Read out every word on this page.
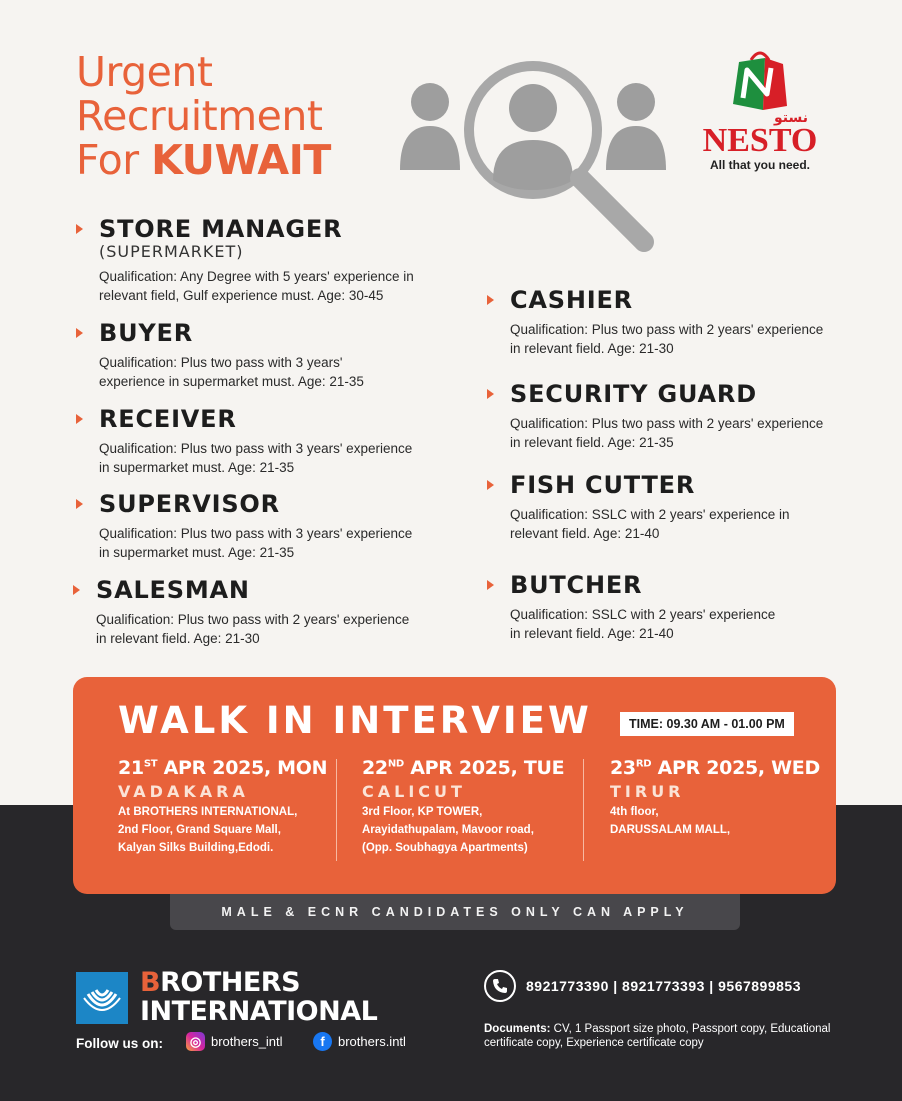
Urgent
Recruitment
For KUWAIT
نستو
NESTO
All that you need.
STORE MANAGER
(SUPERMARKET)
Qualification: Any Degree with 5 years' experience in
relevant field, Gulf experience must. Age: 30-45
BUYER
Qualification: Plus two pass with 3 years'
experience in supermarket must. Age: 21-35
RECEIVER
Qualification: Plus two pass with 3 years' experience
in supermarket must. Age: 21-35
SUPERVISOR
Qualification: Plus two pass with 3 years' experience
in supermarket must. Age: 21-35
SALESMAN
Qualification: Plus two pass with 2 years' experience
in relevant field. Age: 21-30
CASHIER
Qualification: Plus two pass with 2 years' experience
in relevant field. Age: 21-30
SECURITY GUARD
Qualification: Plus two pass with 2 years' experience
in relevant field. Age: 21-35
FISH CUTTER
Qualification: SSLC with 2 years' experience in
relevant field. Age: 21-40
BUTCHER
Qualification: SSLC with 2 years' experience
in relevant field. Age: 21-40
WALK IN INTERVIEW	TIME: 09.30 AM - 01.00 PM
21ST APR 2025, MON
VADAKARA
At BROTHERS INTERNATIONAL,
2nd Floor, Grand Square Mall,
Kalyan Silks Building,Edodi.
22ND APR 2025, TUE
CALICUT
3rd Floor, KP TOWER,
Arayidathupalam, Mavoor road,
(Opp. Soubhagya Apartments)
23RD APR 2025, WED
TIRUR
4th floor,
DARUSSALAM MALL,
MALE & ECNR CANDIDATES ONLY CAN APPLY
BROTHERS
INTERNATIONAL
Follow us on: ◎ brothers_intl	f	brothers.intl
8921773390 | 8921773393 | 9567899853
Documents: CV, 1 Passport size photo, Passport copy, Educational certificate copy, Experience certificate copy
